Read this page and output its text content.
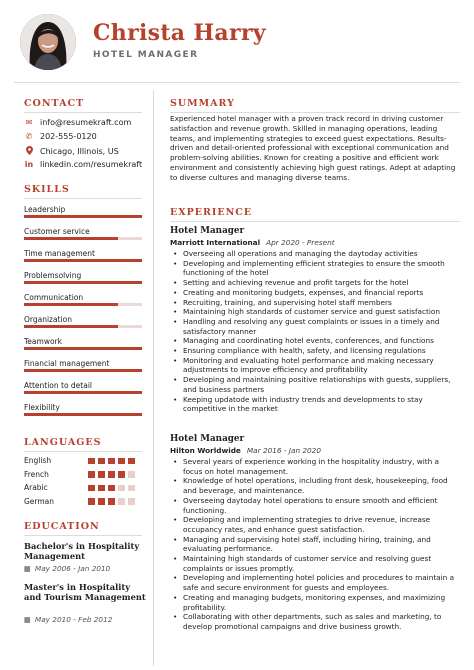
Christa Harry
HOTEL MANAGER
CONTACT
✉ info@resumekraft.com
✆ 202-555-0120
Chicago, Illinois, US
in linkedin.com/resumekraft
SKILLS
Leadership
Customer service
Time management
Problemsolving
Communication
Organization
Teamwork
Financial management
Attention to detail
Flexibility
LANGUAGES
English
French
Arabic
German
EDUCATION
Bachelor's in Hospitality Management
▦ May 2006 - Jan 2010
Master's in Hospitality and Tourism Management
▦ May 2010 - Feb 2012
SUMMARY
Experienced hotel manager with a proven track record in driving customer satisfaction and revenue growth. Skilled in managing operations, leading teams, and implementing strategies to exceed guest expectations. Results-driven and detail-oriented professional with exceptional communication and problem-solving abilities. Known for creating a positive and efficient work environment and consistently achieving high guest ratings. Adept at adapting to diverse cultures and managing diverse teams.
EXPERIENCE
Hotel Manager
Marriott International Apr 2020 - Present
• Overseeing all operations and managing the daytoday activities
• Developing and implementing efficient strategies to ensure the smooth functioning of the hotel
• Setting and achieving revenue and profit targets for the hotel
• Creating and monitoring budgets, expenses, and financial reports
• Recruiting, training, and supervising hotel staff members
• Maintaining high standards of customer service and guest satisfaction
• Handling and resolving any guest complaints or issues in a timely and satisfactory manner
• Managing and coordinating hotel events, conferences, and functions
• Ensuring compliance with health, safety, and licensing regulations
• Monitoring and evaluating hotel performance and making necessary adjustments to improve efficiency and profitability
• Developing and maintaining positive relationships with guests, suppliers, and business partners
• Keeping updatode with industry trends and developments to stay competitive in the market
Hotel Manager
Hilton Worldwide Mar 2016 - Jan 2020
• Several years of experience working in the hospitality industry, with a focus on hotel management.
• Knowledge of hotel operations, including front desk, housekeeping, food and beverage, and maintenance.
• Overseeing daytoday hotel operations to ensure smooth and efficient functioning.
• Developing and implementing strategies to drive revenue, increase occupancy rates, and enhance guest satisfaction.
• Managing and supervising hotel staff, including hiring, training, and evaluating performance.
• Maintaining high standards of customer service and resolving guest complaints or issues promptly.
• Developing and implementing hotel policies and procedures to maintain a safe and secure environment for guests and employees.
• Creating and managing budgets, monitoring expenses, and maximizing profitability.
• Collaborating with other departments, such as sales and marketing, to develop promotional campaigns and drive business growth.
